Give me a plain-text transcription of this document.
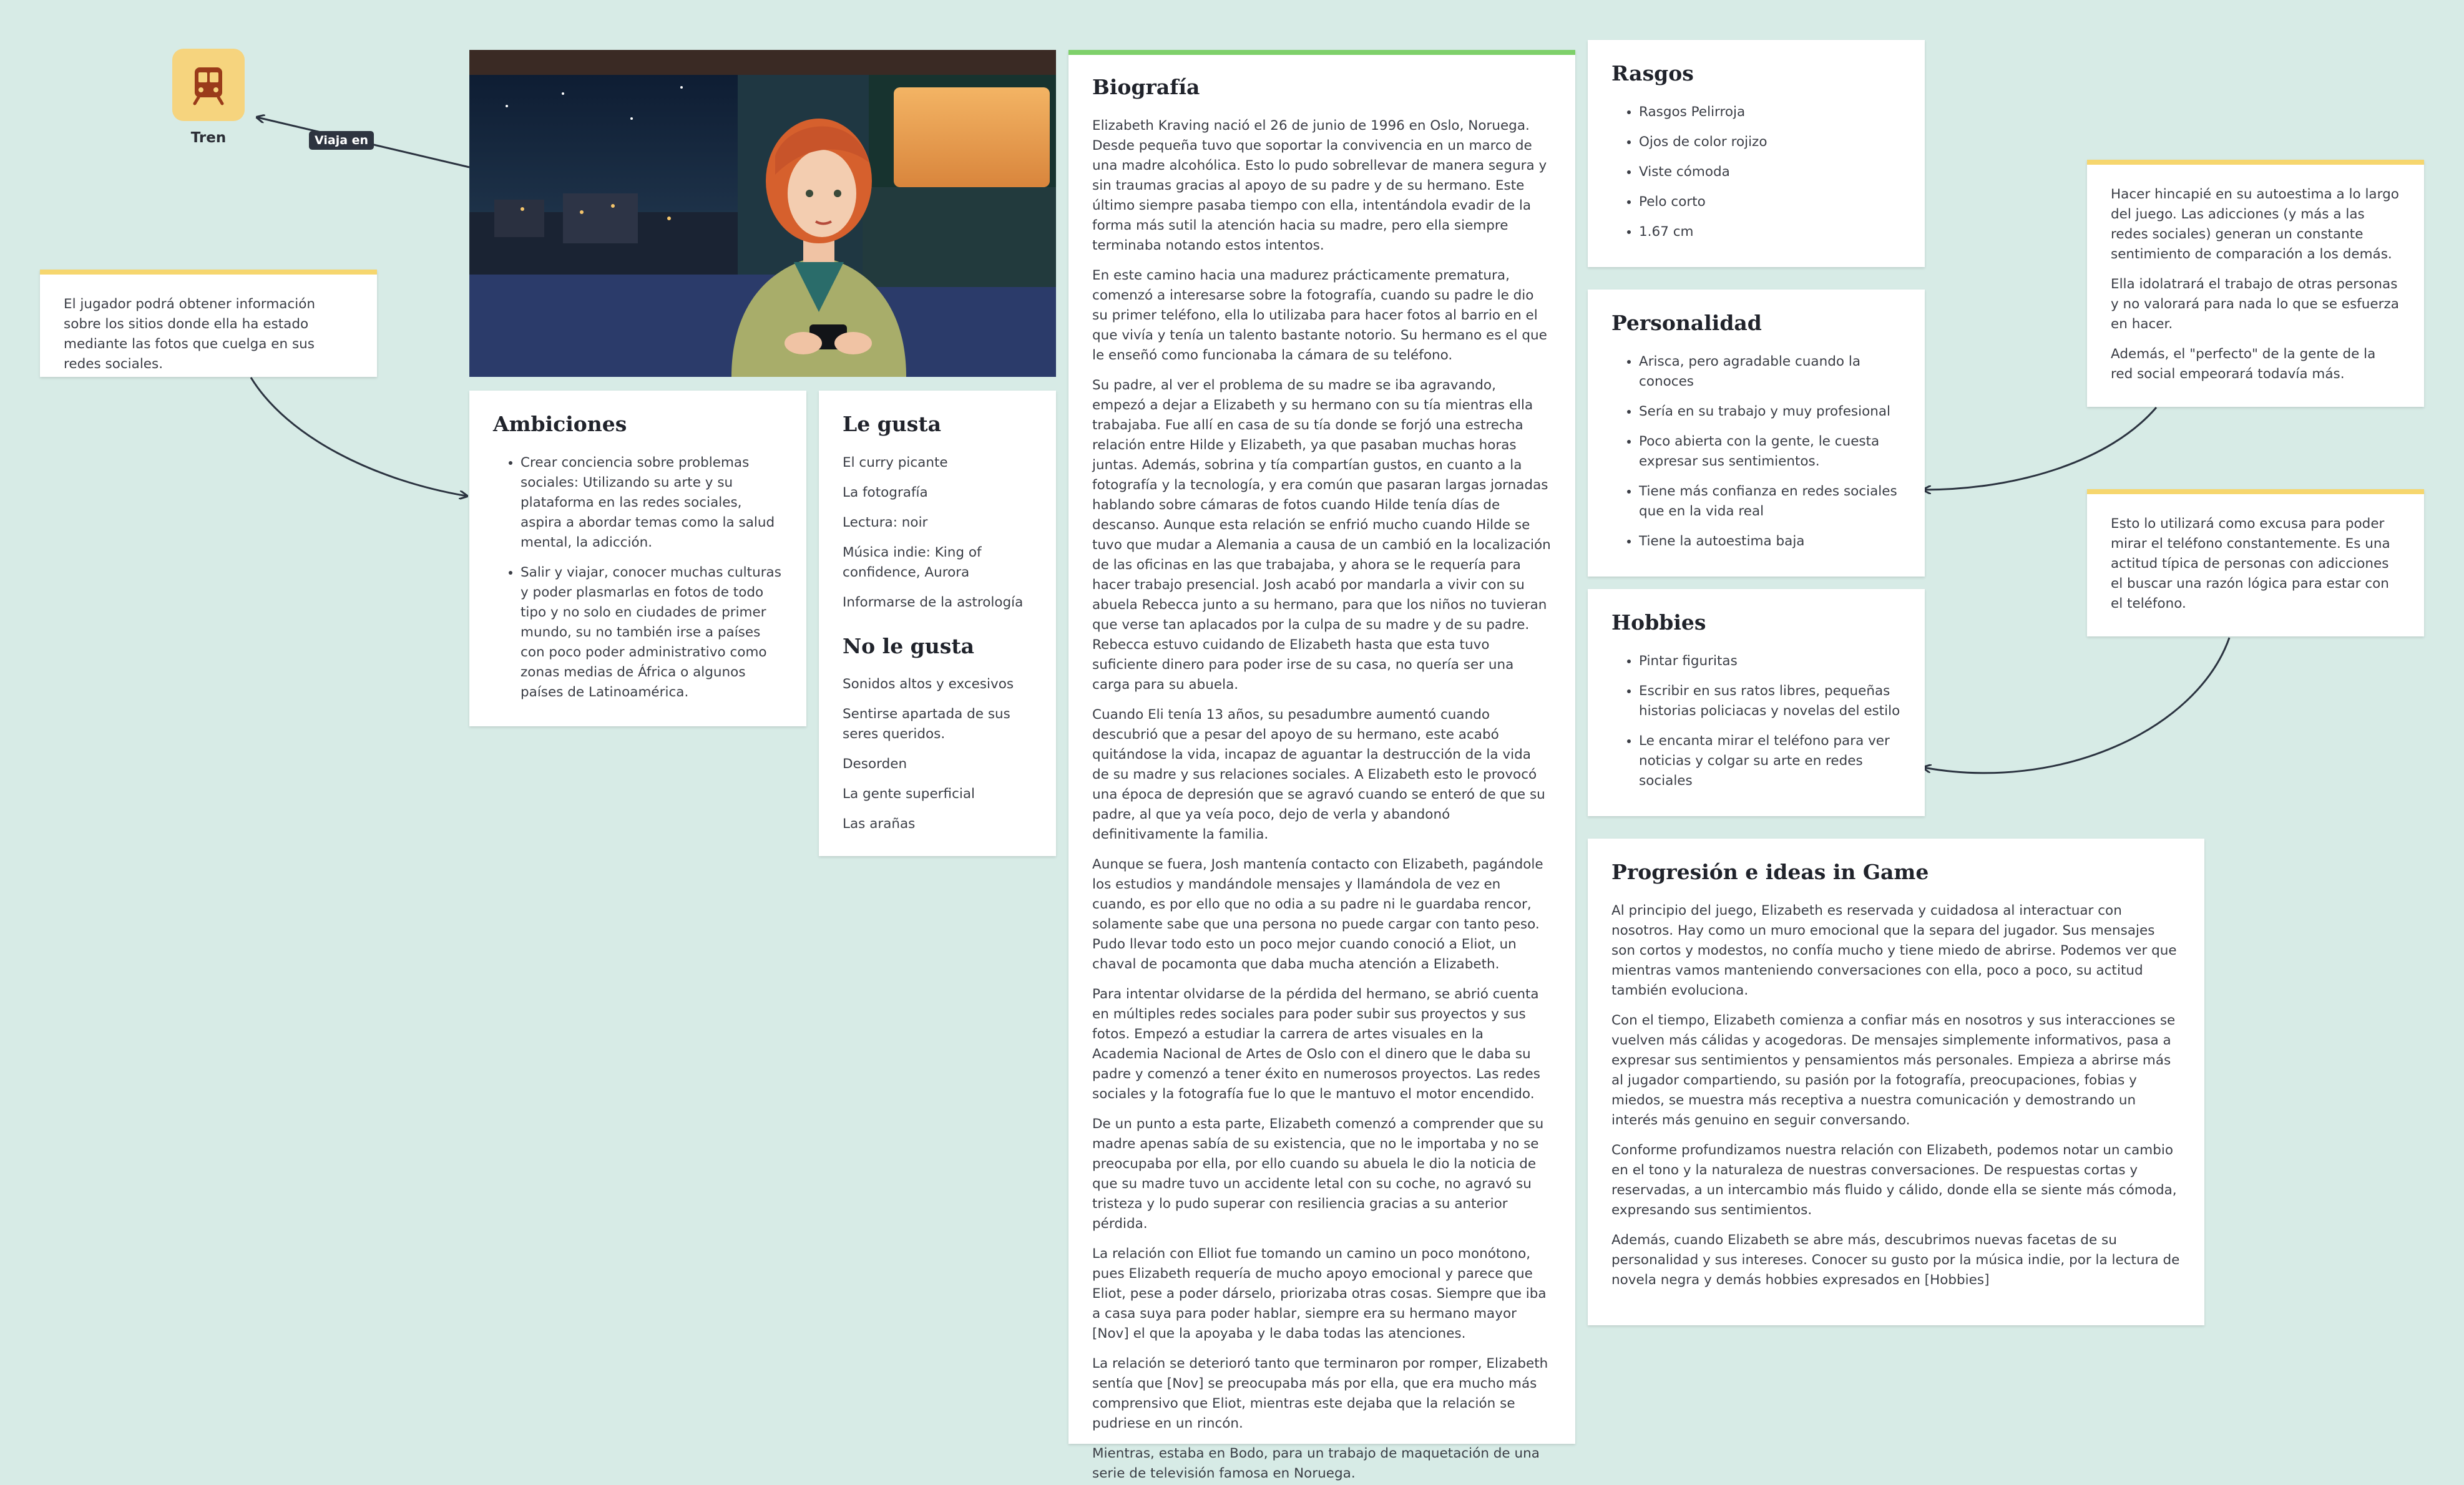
Viaja en
Tren

El jugador podrá obtener información sobre los sitios donde ella ha estado mediante las fotos que cuelga en sus redes sociales.

Ambiciones
• Crear conciencia sobre problemas sociales: Utilizando su arte y su plataforma en las redes sociales, aspira a abordar temas como la salud mental, la adicción.
• Salir y viajar, conocer muchas culturas y poder plasmarlas en fotos de todo tipo y no solo en ciudades de primer mundo, su no también irse a países con poco poder administrativo como zonas medias de África o algunos países de Latinoamérica.
Le gusta
El curry picante
La fotografía
Lectura: noir
Música indie: King of confidence, Aurora
Informarse de la astrología
No le gusta
Sonidos altos y excesivos
Sentirse apartada de sus seres queridos.
Desorden
La gente superficial
Las arañas
Biografía

Elizabeth Kraving nació el 26 de junio de 1996 en Oslo, Noruega. Desde pequeña tuvo que soportar la convivencia en un marco de una madre alcohólica. Esto lo pudo sobrellevar de manera segura y sin traumas gracias al apoyo de su padre y de su hermano. Este último siempre pasaba tiempo con ella, intentándola evadir de la forma más sutil la atención hacia su madre, pero ella siempre terminaba notando estos intentos.

En este camino hacia una madurez prácticamente prematura, comenzó a interesarse sobre la fotografía, cuando su padre le dio su primer teléfono, ella lo utilizaba para hacer fotos al barrio en el que vivía y tenía un talento bastante notorio. Su hermano es el que le enseñó como funcionaba la cámara de su teléfono.

Su padre, al ver el problema de su madre se iba agravando, empezó a dejar a Elizabeth y su hermano con su tía mientras ella trabajaba. Fue allí en casa de su tía donde se forjó una estrecha relación entre Hilde y Elizabeth, ya que pasaban muchas horas juntas. Además, sobrina y tía compartían gustos, en cuanto a la fotografía y la tecnología, y era común que pasaran largas jornadas hablando sobre cámaras de fotos cuando Hilde tenía días de descanso. Aunque esta relación se enfrió mucho cuando Hilde se tuvo que mudar a Alemania a causa de un cambió en la localización de las oficinas en las que trabajaba, y ahora se le requería para hacer trabajo presencial. Josh acabó por mandarla a vivir con su abuela Rebecca junto a su hermano, para que los niños no tuvieran que verse tan aplacados por la culpa de su madre y de su padre. Rebecca estuvo cuidando de Elizabeth hasta que esta tuvo suficiente dinero para poder irse de su casa, no quería ser una carga para su abuela.

Cuando Eli tenía 13 años, su pesadumbre aumentó cuando descubrió que a pesar del apoyo de su hermano, este acabó quitándose la vida, incapaz de aguantar la destrucción de la vida de su madre y sus relaciones sociales. A Elizabeth esto le provocó una época de depresión que se agravó cuando se enteró de que su padre, al que ya veía poco, dejo de verla y abandonó definitivamente la familia.

Aunque se fuera, Josh mantenía contacto con Elizabeth, pagándole los estudios y mandándole mensajes y llamándola de vez en cuando, es por ello que no odia a su padre ni le guardaba rencor, solamente sabe que una persona no puede cargar con tanto peso. Pudo llevar todo esto un poco mejor cuando conoció a Eliot, un chaval de pocamonta que daba mucha atención a Elizabeth.

Para intentar olvidarse de la pérdida del hermano, se abrió cuenta en múltiples redes sociales para poder subir sus proyectos y sus fotos. Empezó a estudiar la carrera de artes visuales en la Academia Nacional de Artes de Oslo con el dinero que le daba su padre y comenzó a tener éxito en numerosos proyectos. Las redes sociales y la fotografía fue lo que le mantuvo el motor encendido.

De un punto a esta parte, Elizabeth comenzó a comprender que su madre apenas sabía de su existencia, que no le importaba y no se preocupaba por ella, por ello cuando su abuela le dio la noticia de que su madre tuvo un accidente letal con su coche, no agravó su tristeza y lo pudo superar con resiliencia gracias a su anterior pérdida.

La relación con Elliot fue tomando un camino un poco monótono, pues Elizabeth requería de mucho apoyo emocional y parece que Eliot, pese a poder dárselo, priorizaba otras cosas. Siempre que iba a casa suya para poder hablar, siempre era su hermano mayor [Nov] el que la apoyaba y le daba todas las atenciones.

La relación se deterioró tanto que terminaron por romper, Elizabeth sentía que [Nov] se preocupaba más por ella, que era mucho más comprensivo que Eliot, mientras este dejaba que la relación se pudriese en un rincón.

Mientras, estaba en Bodo, para un trabajo de maquetación de una serie de televisión famosa en Noruega.

Rasgos
• Rasgos Pelirroja
• Ojos de color rojizo
• Viste cómoda
• Pelo corto
• 1.67 cm
Personalidad
• Arisca, pero agradable cuando la conoces
• Sería en su trabajo y muy profesional
• Poco abierta con la gente, le cuesta expresar sus sentimientos.
• Tiene más confianza en redes sociales que en la vida real
• Tiene la autoestima baja
Hobbies
• Pintar figuritas
• Escribir en sus ratos libres, pequeñas historias policiacas y novelas del estilo
• Le encanta mirar el teléfono para ver noticias y colgar su arte en redes sociales
Progresión e ideas in Game

Al principio del juego, Elizabeth es reservada y cuidadosa al interactuar con nosotros. Hay como un muro emocional que la separa del jugador. Sus mensajes son cortos y modestos, no confía mucho y tiene miedo de abrirse. Podemos ver que mientras vamos manteniendo conversaciones con ella, poco a poco, su actitud también evoluciona.

Con el tiempo, Elizabeth comienza a confiar más en nosotros y sus interacciones se vuelven más cálidas y acogedoras. De mensajes simplemente informativos, pasa a expresar sus sentimientos y pensamientos más personales. Empieza a abrirse más al jugador compartiendo, su pasión por la fotografía, preocupaciones, fobias y miedos, se muestra más receptiva a nuestra comunicación y demostrando un interés más genuino en seguir conversando.

Conforme profundizamos nuestra relación con Elizabeth, podemos notar un cambio en el tono y la naturaleza de nuestras conversaciones. De respuestas cortas y reservadas, a un intercambio más fluido y cálido, donde ella se siente más cómoda, expresando sus sentimientos.

Además, cuando Elizabeth se abre más, descubrimos nuevas facetas de su personalidad y sus intereses. Conocer su gusto por la música indie, por la lectura de novela negra y demás hobbies expresados en [Hobbies]

Hacer hincapié en su autoestima a lo largo del juego. Las adicciones (y más a las redes sociales) generan un constante sentimiento de comparación a los demás.

Ella idolatrará el trabajo de otras personas y no valorará para nada lo que se esfuerza en hacer.

Además, el "perfecto" de la gente de la red social empeorará todavía más.

Esto lo utilizará como excusa para poder mirar el teléfono constantemente. Es una actitud típica de personas con adicciones el buscar una razón lógica para estar con el teléfono.
